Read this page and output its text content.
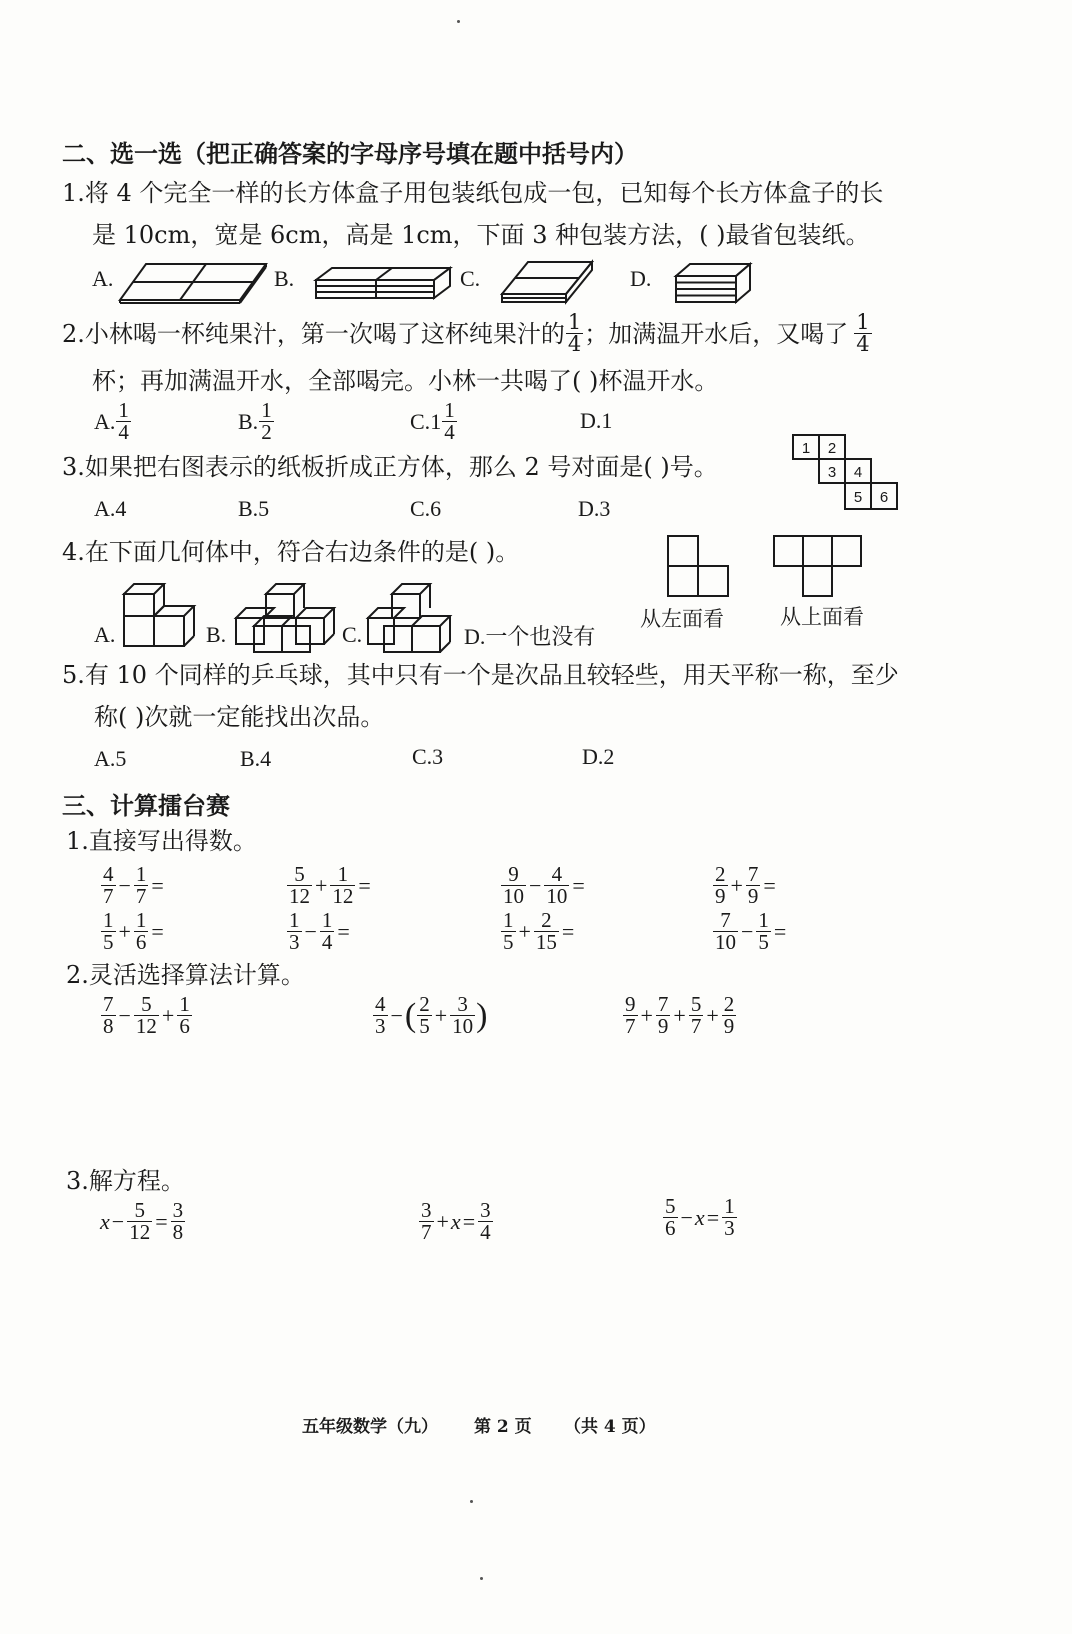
二、选一选（把正确答案的字母序号填在题中括号内）
1.将 4 个完全一样的长方体盒子用包装纸包成一包，已知每个长方体盒子的长
是 10cm，宽是 6cm，高是 1cm，下面 3 种包装方法，( )最省包装纸。
A.	B.	C.	D.
2.小林喝一杯纯果汁，第一次喝了这杯纯果汁的 $\frac{1}{4}$ ；加满温开水后，又喝了 $\frac{1}{4}$
杯；再加满温开水，全部喝完。小林一共喝了( )杯温开水。
A. $\frac{1}{4}$	B. $\frac{1}{2}$	C. $1 \frac{1}{4}$	D. 1
3.如果把右图表示的纸板折成正方体，那么 2 号对面是( )号。
A.4	B.5	C.6	D.3
1 2
3 4
5 6
4.在下面几何体中，符合右边条件的是( )。
A.	B.	C.	D.一个也没有
从左面看	从上面看
5.有 10 个同样的乒乓球，其中只有一个是次品且较轻些，用天平称一称，至少
称( )次就一定能找出次品。
A.5	B.4	C.3	D.2
三、计算擂台赛
1.直接写出得数。
$\frac{4}{7} - \frac{1}{7}$ =	$\frac{5}{12} + \frac{1}{12}$ =	$\frac{9}{10} - \frac{4}{10}$ =	$\frac{2}{9} + \frac{7}{9}$ =
$\frac{1}{5} + \frac{1}{6}$ =	$\frac{1}{3} - \frac{1}{4}$ =	$\frac{1}{5} + \frac{2}{15}$ =	$\frac{7}{10} - \frac{1}{5}$ =
2.灵活选择算法计算。
$\frac{7}{8} - \frac{5}{12} + \frac{1}{6}$	$\frac{4}{3}$ − ( $\frac{2}{5} + \frac{3}{10}$ )	$\frac{9}{7} + \frac{7}{9} + \frac{5}{7} + \frac{2}{9}$
3.解方程。
$x - \frac{5}{12} = \frac{3}{8}$	$\frac{3}{7} + x = \frac{3}{4}$	$\frac{5}{6} - x = \frac{1}{3}$
五年级数学（九） 第 2 页 （共 4 页）
